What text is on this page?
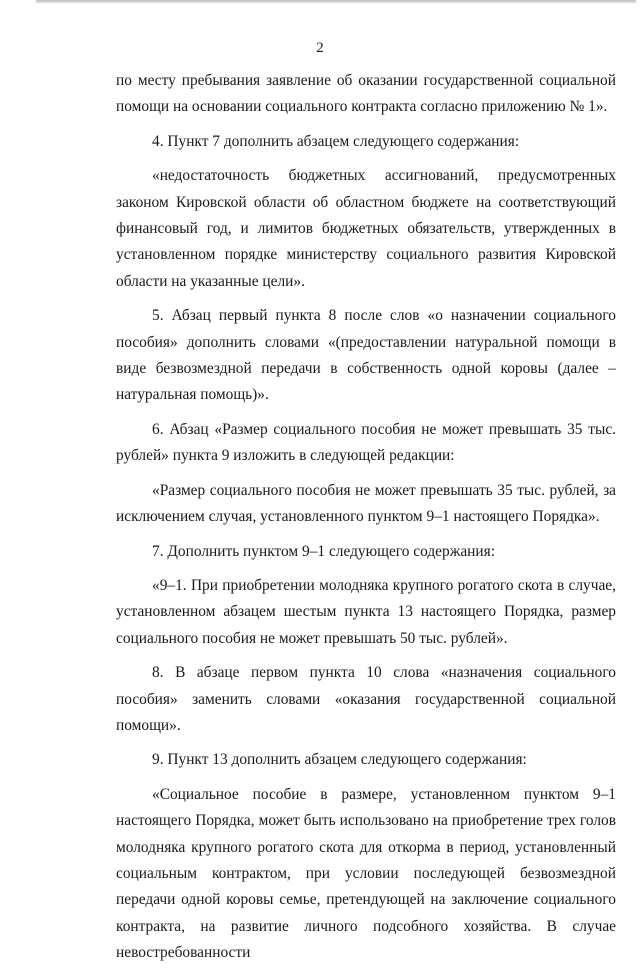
2

по месту пребывания заявление об оказании государственной социальной помощи на основании социального контракта согласно приложению № 1».

4. Пункт 7 дополнить абзацем следующего содержания:

«недостаточность бюджетных ассигнований, предусмотренных законом Кировской области об областном бюджете на соответствующий финансовый год, и лимитов бюджетных обязательств, утвержденных в установленном порядке министерству социального развития Кировской области на указанные цели».

5. Абзац первый пункта 8 после слов «о назначении социального пособия» дополнить словами «(предоставлении натуральной помощи в виде безвозмездной передачи в собственность одной коровы (далее – натуральная помощь)».

6. Абзац «Размер социального пособия не может превышать 35 тыс. рублей» пункта 9 изложить в следующей редакции:

«Размер социального пособия не может превышать 35 тыс. рублей, за исключением случая, установленного пунктом 9–1 настоящего Порядка».

7. Дополнить пунктом 9–1 следующего содержания:

«9–1. При приобретении молодняка крупного рогатого скота в случае, установленном абзацем шестым пункта 13 настоящего Порядка, размер социального пособия не может превышать 50 тыс. рублей».

8. В абзаце первом пункта 10 слова «назначения социального пособия» заменить словами «оказания государственной социальной помощи».

9. Пункт 13 дополнить абзацем следующего содержания:

«Социальное пособие в размере, установленном пунктом 9–1 настоящего Порядка, может быть использовано на приобретение трех голов молодняка крупного рогатого скота для откорма в период, установленный социальным контрактом, при условии последующей безвозмездной передачи одной коровы семье, претендующей на заключение социального контракта, на развитие личного подсобного хозяйства. В случае невостребованности
